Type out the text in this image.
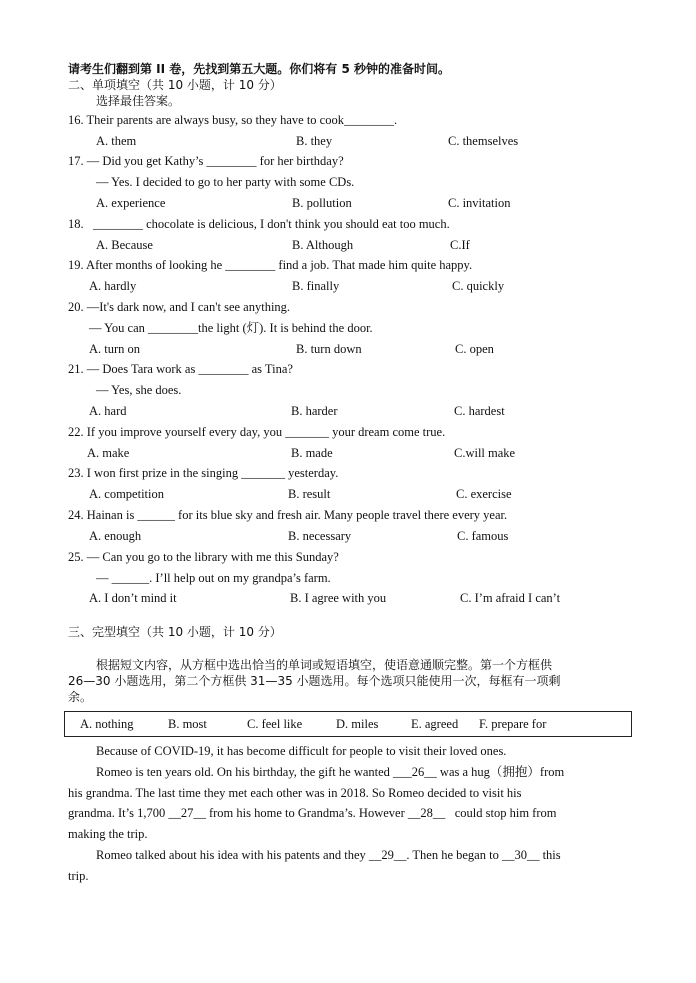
请考生们翻到第 II 卷，先找到第五大题。你们将有 5 秒钟的准备时间。
二、单项填空（共 10 小题，计 10 分）
选择最佳答案。
16. Their parents are always busy, so they have to cook________.
A. them	B. they	C. themselves
17. — Did you get Kathy’s ________ for her birthday?
— Yes. I decided to go to her party with some CDs.
A. experience	B. pollution	C. invitation
18.   ________ chocolate is delicious, I don't think you should eat too much.
A. Because	B. Although	C.If
19. After months of looking he ________ find a job. That made him quite happy.
A. hardly	B. finally	C. quickly
20. —It's dark now, and I can't see anything.
— You can ________the light (灯). It is behind the door.
A. turn on	B. turn down	C. open
21. — Does Tara work as ________ as Tina?
— Yes, she does.
A. hard	B. harder	C. hardest
22. If you improve yourself every day, you _______ your dream come true.
A. make	B. made	C.will make
23. I won first prize in the singing _______ yesterday.
A. competition	B. result	C. exercise
24. Hainan is ______ for its blue sky and fresh air. Many people travel there every year.
A. enough	B. necessary	C. famous
25. — Can you go to the library with me this Sunday?
— ______. I’ll help out on my grandpa’s farm.
A. I don’t mind it	B. I agree with you	C. I’m afraid I can’t
三、完型填空（共 10 小题，计 10 分）
根据短文内容，从方框中选出恰当的单词或短语填空，使语意通顺完整。第一个方框供
26—30 小题选用，第二个方框供 31—35 小题选用。每个选项只能使用一次，每框有一项剩
余。
A. nothing	B. most	C. feel like	D. miles	E. agreed F. prepare for
Because of COVID-19, it has become difficult for people to visit their loved ones.
Romeo is ten years old. On his birthday, the gift he wanted ___26__ was a hug（拥抱）from
his grandma. The last time they met each other was in 2018. So Romeo decided to visit his
grandma. It’s 1,700 __27__ from his home to Grandma’s. However __28__   could stop him from
making the trip.
Romeo talked about his idea with his patents and they __29__. Then he began to __30__ this
trip.
